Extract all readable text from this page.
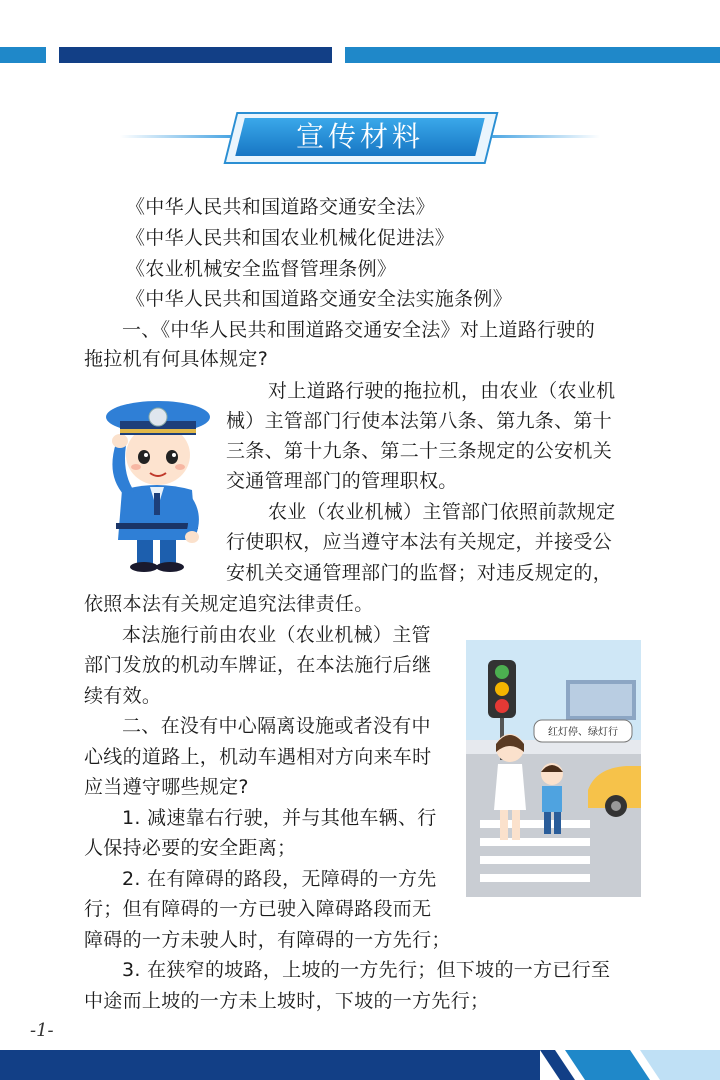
宣传材料
《中华人民共和国道路交通安全法》
《中华人民共和国农业机械化促进法》
《农业机械安全监督管理条例》
《中华人民共和国道路交通安全法实施条例》
一、《中华人民共和围道路交通安全法》对上道路行驶的
拖拉机有何具体规定?
对上道路行驶的拖拉机，由农业（农业机
械）主管部门行使本法第八条、第九条、第十
三条、第十九条、第二十三条规定的公安机关
交通管理部门的管理职权。
农业（农业机械）主管部门依照前款规定
行使职权，应当遵守本法有关规定，并接受公
安机关交通管理部门的监督；对违反规定的，
依照本法有关规定追究法律责任。
本法施行前由农业（农业机械）主管
部门发放的机动车牌证，在本法施行后继
续有效。
二、在没有中心隔离设施或者没有中
心线的道路上，机动车遇相对方向来车时
应当遵守哪些规定?
1. 减速靠右行驶，并与其他车辆、行
人保持必要的安全距离；
2. 在有障碍的路段，无障碍的一方先
行；但有障碍的一方已驶入障碍路段而无
障碍的一方未驶人时，有障碍的一方先行；
3. 在狭窄的坡路，上坡的一方先行；但下坡的一方已行至
中途而上坡的一方未上坡时，下坡的一方先行；
红灯停、绿灯行
-1-
